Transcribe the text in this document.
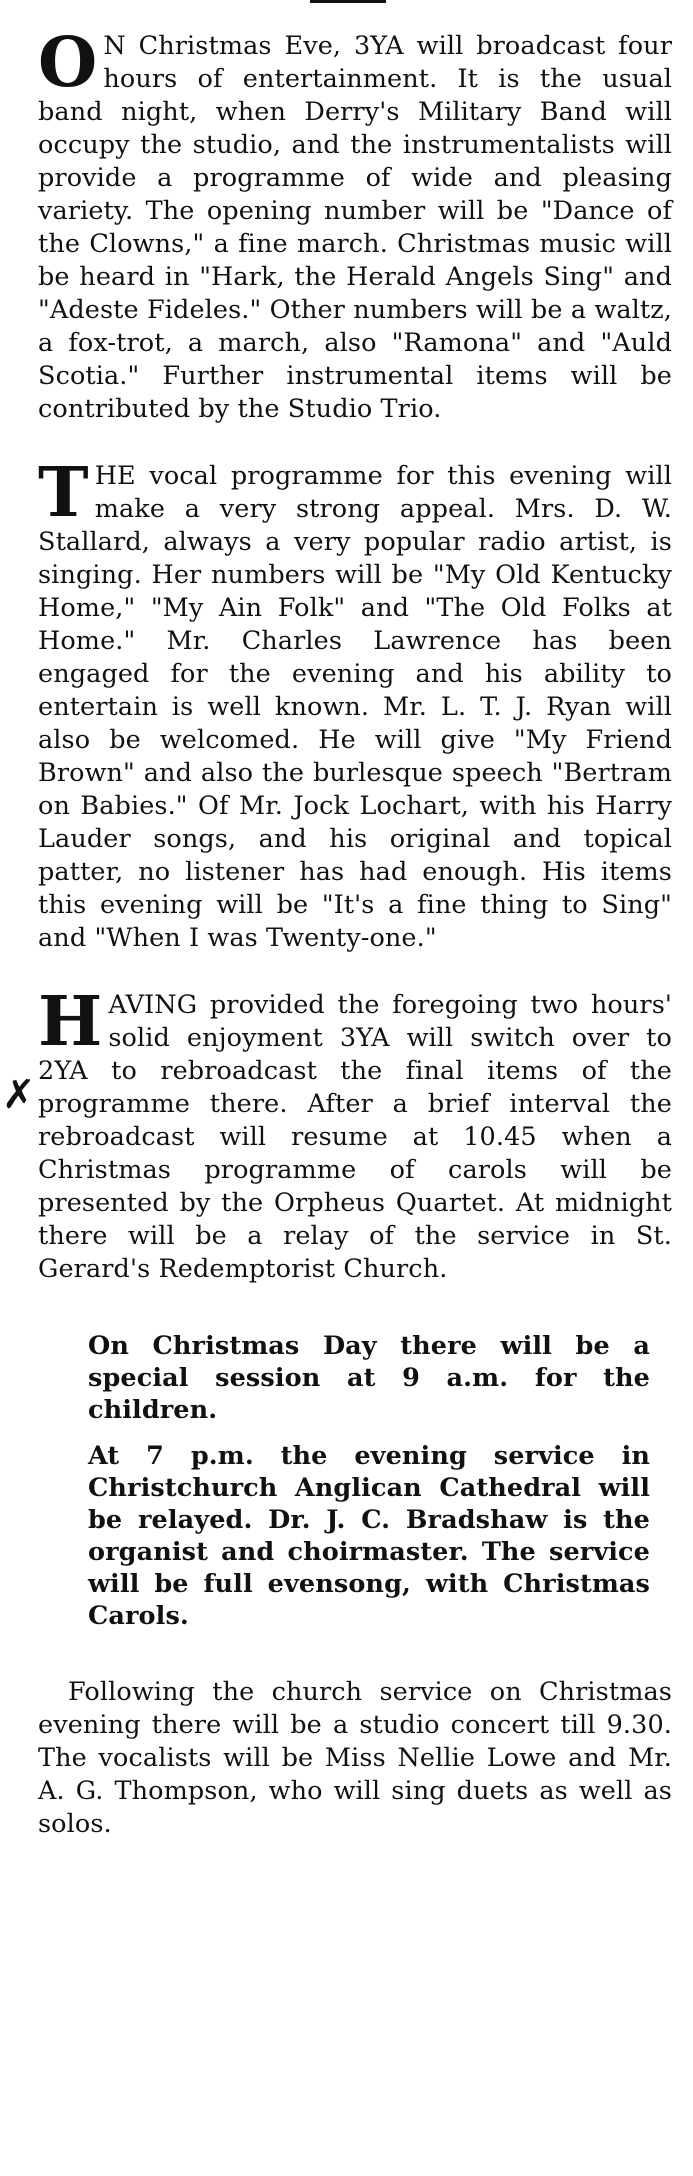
✗

O N Christmas Eve, 3YA will broadcast four hours of entertainment. It is the usual band night, when Derry's Military Band will occupy the studio, and the instrumentalists will provide a programme of wide and pleasing variety. The opening number will be "Dance of the Clowns," a fine march. Christmas music will be heard in "Hark, the Herald Angels Sing" and "Adeste Fideles." Other numbers will be a waltz, a fox-trot, a march, also "Ramona" and "Auld Scotia." Further instrumental items will be contributed by the Studio Trio.

THE vocal programme for this evening will make a very strong appeal. Mrs. D. W. Stallard, always a very popular radio artist, is singing. Her numbers will be "My Old Kentucky Home," "My Ain Folk" and "The Old Folks at Home." Mr. Charles Lawrence has been engaged for the evening and his ability to entertain is well known. Mr. L. T. J. Ryan will also be welcomed. He will give "My Friend Brown" and also the burlesque speech "Bertram on Babies." Of Mr. Jock Lochart, with his Harry Lauder songs, and his original and topical patter, no listener has had enough. His items this evening will be "It's a fine thing to Sing" and "When I was Twenty-one."

HAVING provided the foregoing two hours' solid enjoyment 3YA will switch over to 2YA to rebroadcast the final items of the programme there. After a brief interval the rebroadcast will resume at 10.45 when a Christmas programme of carols will be presented by the Orpheus Quartet. At midnight there will be a relay of the service in St. Gerard's Redemptorist Church.

On Christmas Day there will be a special session at 9 a.m. for the children.

At 7 p.m. the evening service in Christchurch Anglican Cathedral will be relayed. Dr. J. C. Bradshaw is the organist and choirmaster. The service will be full evensong, with Christmas Carols.

Following the church service on Christmas evening there will be a studio concert till 9.30. The vocalists will be Miss Nellie Lowe and Mr. A. G. Thompson, who will sing duets as well as solos.
